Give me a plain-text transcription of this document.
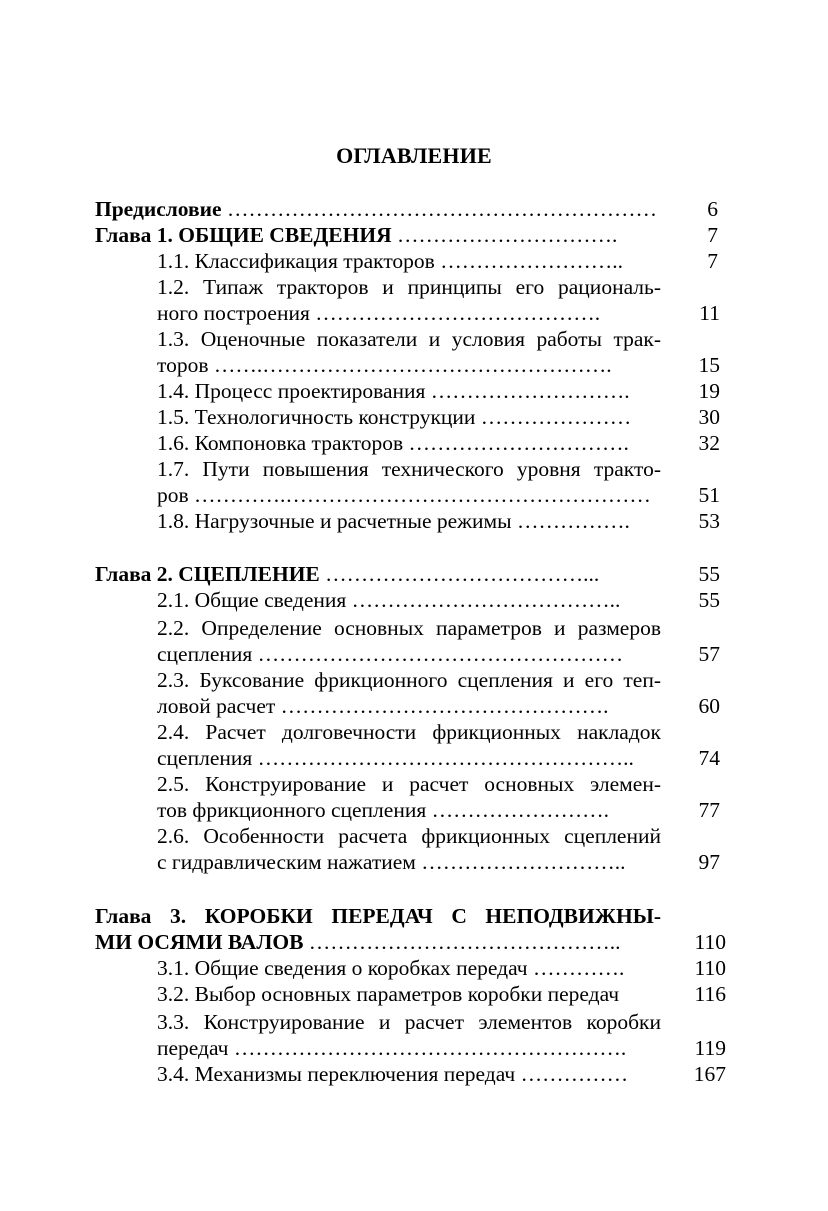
ОГЛАВЛЕНИЕ
Предисловие ……………………………………………………	6
Глава 1. ОБЩИЕ СВЕДЕНИЯ ………………………….	7
1.1. Классификация тракторов ……………………..	7
1.2. Типаж тракторов и принципы его рациональ-
ного построения ………………………………….	11
1.3. Оценочные показатели и условия работы трак-
торов …….………………………………………….	15
1.4. Процесс проектирования ……………………….	19
1.5. Технологичность конструкции …………………	30
1.6. Компоновка тракторов ………………………….	32
1.7. Пути повышения технического уровня тракто-
ров ………….……………………………………………	51
1.8. Нагрузочные и расчетные режимы …………….	53
Глава 2. СЦЕПЛЕНИЕ ………………………………...	55
2.1. Общие сведения ………………………………..	55
2.2. Определение основных параметров и размеров
сцепления ……………………………………………	57
2.3. Буксование фрикционного сцепления и его теп-
ловой расчет ……………………………………….	60
2.4. Расчет долговечности фрикционных накладок
сцепления ……………………………………………..	74
2.5. Конструирование и расчет основных элемен-
тов фрикционного сцепления …………………….	77
2.6. Особенности расчета фрикционных сцеплений
с гидравлическим нажатием ………………………..	97
Глава 3. КОРОБКИ ПЕРЕДАЧ С НЕПОДВИЖНЫ-
МИ ОСЯМИ ВАЛОВ ……………………………………..	110
3.1. Общие сведения о коробках передач ………….	110
3.2. Выбор основных параметров коробки передач	116
3.3. Конструирование и расчет элементов коробки
передач ……………………………………………….	119
3.4. Механизмы переключения передач ……………	167
